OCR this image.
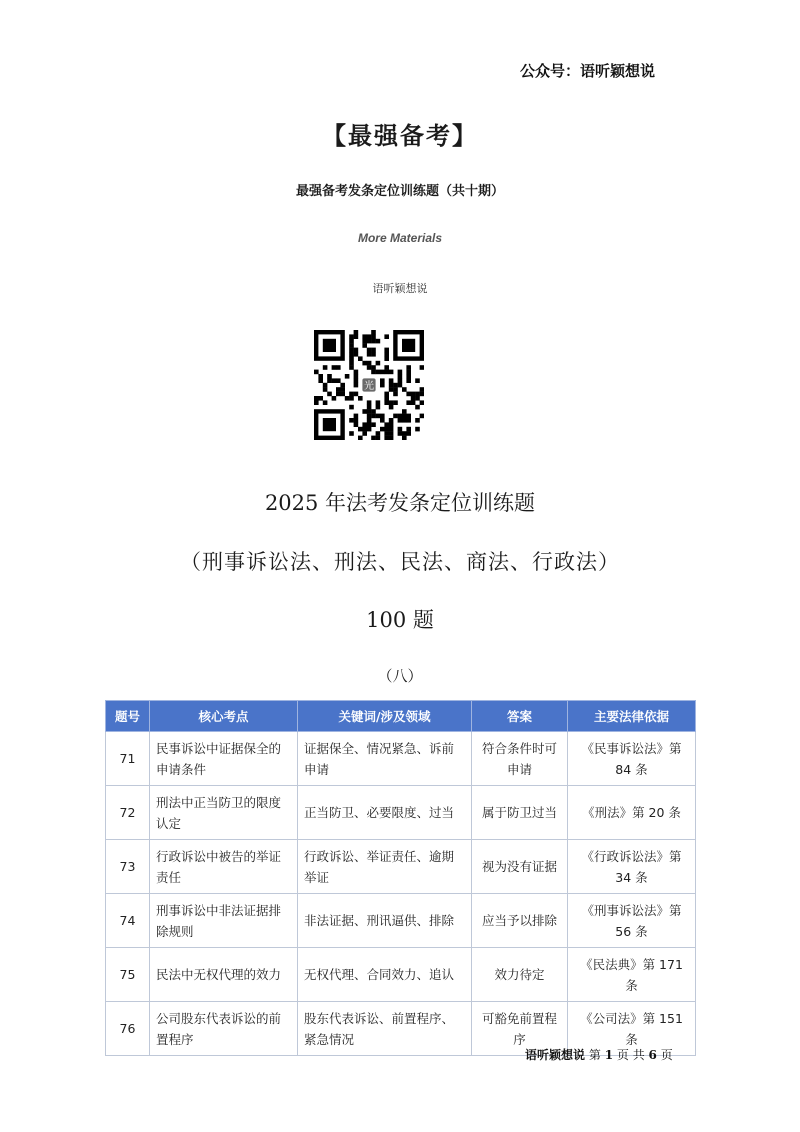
公众号：语听颖想说
【最强备考】
最强备考发条定位训练题（共十期）
More Materials
语听颖想说
光
2025 年法考发条定位训练题
（刑事诉讼法、刑法、民法、商法、行政法）
100 题
（八）
题号	核心考点	关键词/涉及领域	答案	主要法律依据
71	民事诉讼中证据保全的申请条件	证据保全、情况紧急、诉前申请	符合条件时可申请	《民事诉讼法》第 84 条
72	刑法中正当防卫的限度认定	正当防卫、必要限度、过当	属于防卫过当	《刑法》第 20 条
73	行政诉讼中被告的举证责任	行政诉讼、举证责任、逾期举证	视为没有证据	《行政诉讼法》第 34 条
74	刑事诉讼中非法证据排除规则	非法证据、刑讯逼供、排除	应当予以排除	《刑事诉讼法》第 56 条
75	民法中无权代理的效力	无权代理、合同效力、追认	效力待定	《民法典》第 171 条
76	公司股东代表诉讼的前置程序	股东代表诉讼、前置程序、紧急情况	可豁免前置程序	《公司法》第 151 条
语听颖想说 第 1 页 共 6 页
